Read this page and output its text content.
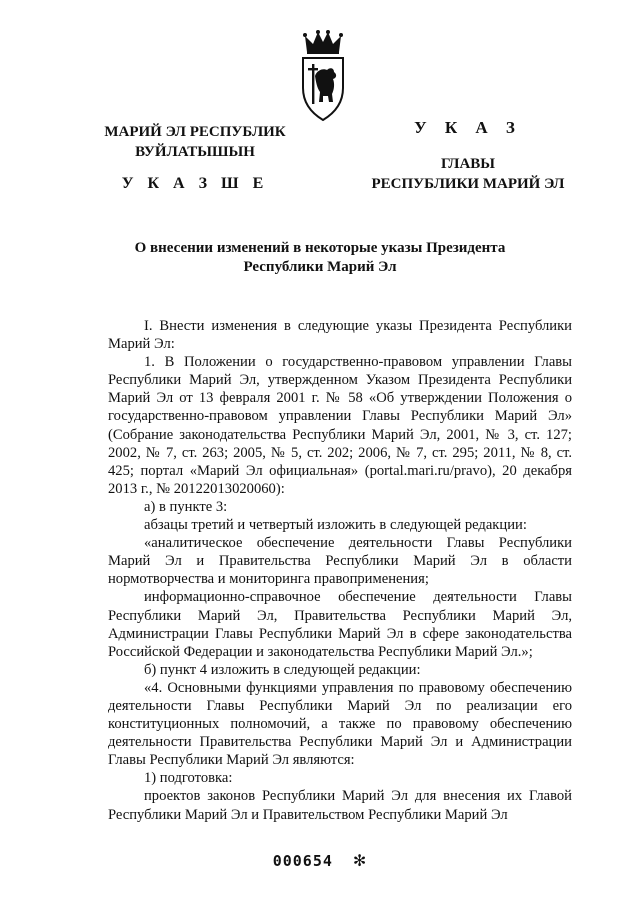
МАРИЙ ЭЛ РЕСПУБЛИК
ВУЙЛАТЫШЫН
У К А З Ш Е
У К А З
ГЛАВЫ
РЕСПУБЛИКИ МАРИЙ ЭЛ
О внесении изменений в некоторые указы Президента
Республики Марий Эл

I. Внести изменения в следующие указы Президента Республики Марий Эл:

1. В Положении о государственно-правовом управлении Главы Республики Марий Эл, утвержденном Указом Президента Республики Марий Эл от 13 февраля 2001 г. № 58 «Об утверждении Положения о государственно-правовом управлении Главы Республики Марий Эл» (Собрание законодательства Республики Марий Эл, 2001, № 3, ст. 127; 2002, № 7, ст. 263; 2005, № 5, ст. 202; 2006, № 7, ст. 295; 2011, № 8, ст. 425; портал «Марий Эл официальная» (portal.mari.ru/pravo), 20 декабря 2013 г., № 20122013020060):

а) в пункте 3:

абзацы третий и четвертый изложить в следующей редакции:

«аналитическое обеспечение деятельности Главы Республики Марий Эл и Правительства Республики Марий Эл в области нормотворчества и мониторинга правоприменения;

информационно-справочное обеспечение деятельности Главы Республики Марий Эл, Правительства Республики Марий Эл, Администрации Главы Республики Марий Эл в сфере законодательства Российской Федерации и законодательства Республики Марий Эл.»;

б) пункт 4 изложить в следующей редакции:

«4. Основными функциями управления по правовому обеспечению деятельности Главы Республики Марий Эл по реализации его конституционных полномочий, а также по правовому обеспечению деятельности Правительства Республики Марий Эл и Администрации Главы Республики Марий Эл являются:

1) подготовка:

проектов законов Республики Марий Эл для внесения их Главой Республики Марий Эл и Правительством Республики Марий Эл

000654 ✻
